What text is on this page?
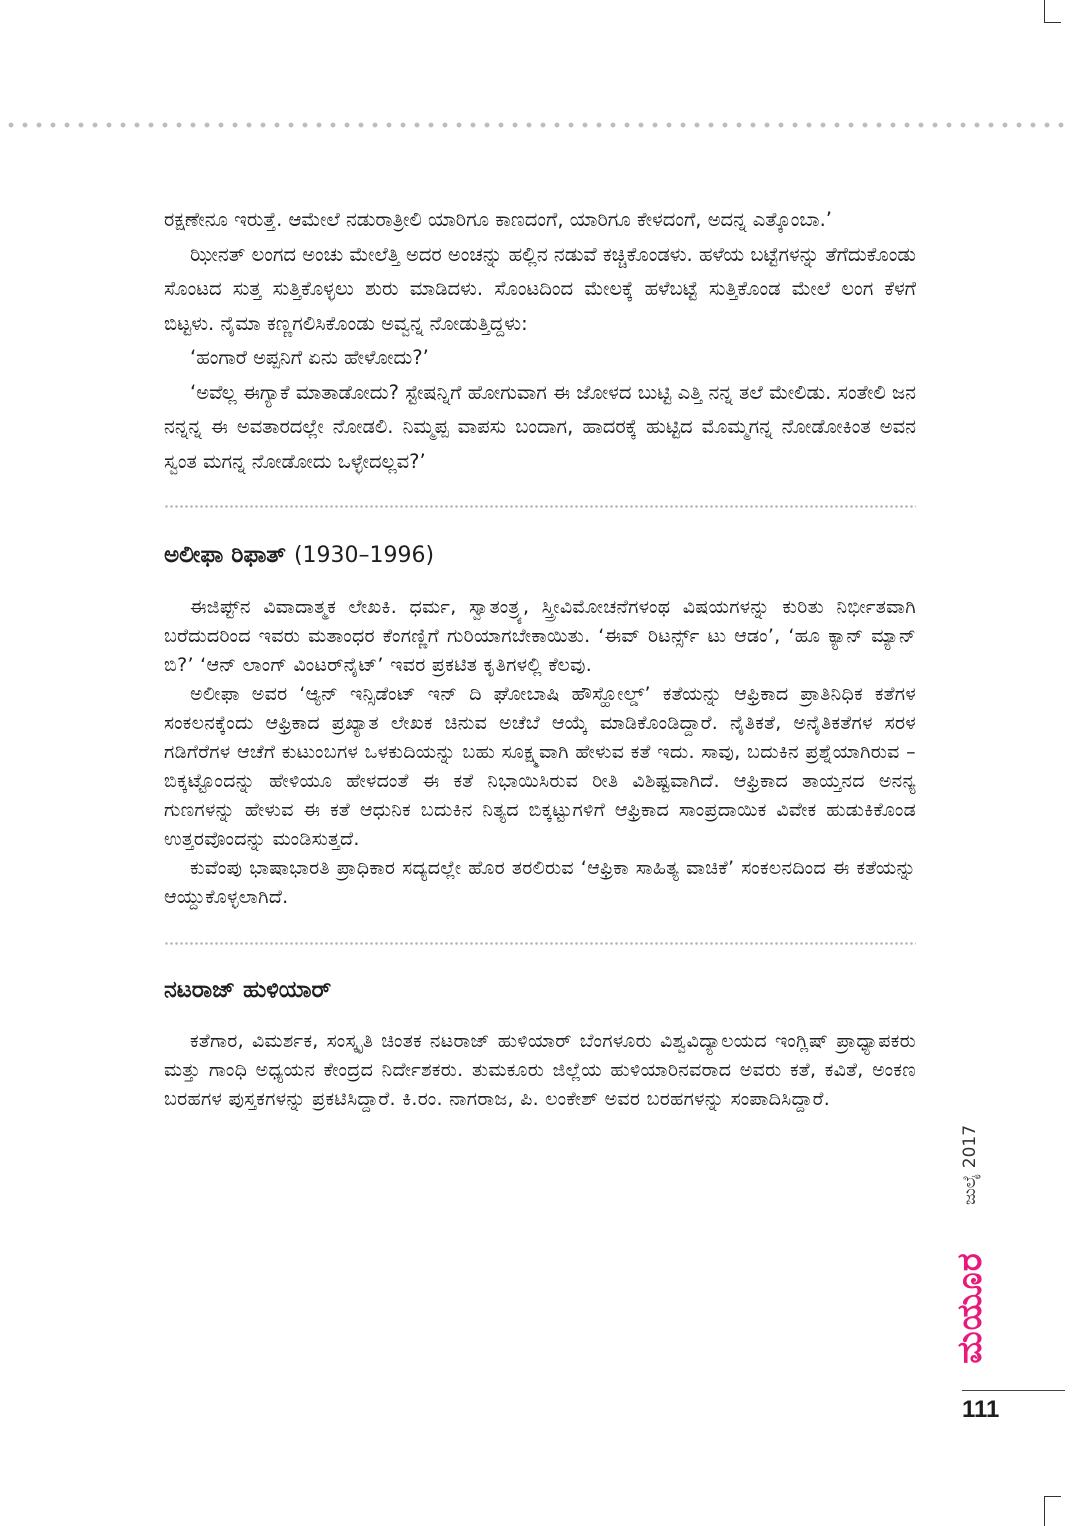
ರಕ್ಷಣೇನೂ ಇರುತ್ತೆ. ಆಮೇಲೆ ನಡುರಾತ್ರೀಲಿ ಯಾರಿಗೂ ಕಾಣದಂಗೆ, ಯಾರಿಗೂ ಕೇಳದಂಗೆ, ಅದನ್ನ ಎತ್ಕೊಂಬಾ.’

ಝೀನತ್ ಲಂಗದ ಅಂಚು ಮೇಲೆತ್ತಿ ಅದರ ಅಂಚನ್ನು ಹಲ್ಲಿನ ನಡುವೆ ಕಚ್ಚಿಕೊಂಡಳು. ಹಳೆಯ ಬಟ್ಟೆಗಳನ್ನು ತೆಗೆದುಕೊಂಡು ಸೊಂಟದ ಸುತ್ತ ಸುತ್ತಿಕೊಳ್ಳಲು ಶುರು ಮಾಡಿದಳು. ಸೊಂಟದಿಂದ ಮೇಲಕ್ಕೆ ಹಳೆಬಟ್ಟೆ ಸುತ್ತಿಕೊಂಡ ಮೇಲೆ ಲಂಗ ಕೆಳಗೆ ಬಿಟ್ಟಳು. ನೈಮಾ ಕಣ್ಣಗಲಿಸಿಕೊಂಡು ಅವ್ವನ್ನ ನೋಡುತ್ತಿದ್ದಳು:

‘ಹಂಗಾರೆ ಅಪ್ಪನಿಗೆ ಏನು ಹೇಳೋದು?’

‘ಅವೆಲ್ಲ ಈಗ್ಯಾಕೆ ಮಾತಾಡೋದು? ಸ್ಟೇಷನ್ನಿಗೆ ಹೋಗುವಾಗ ಈ ಜೋಳದ ಬುಟ್ಟಿ ಎತ್ತಿ ನನ್ನ ತಲೆ ಮೇಲಿಡು. ಸಂತೇಲಿ ಜನ ನನ್ನನ್ನ ಈ ಅವತಾರದಲ್ಲೇ ನೋಡಲಿ. ನಿಮ್ಮಪ್ಪ ವಾಪಸು ಬಂದಾಗ, ಹಾದರಕ್ಕೆ ಹುಟ್ಟಿದ ಮೊಮ್ಮಗನ್ನ ನೋಡೋಕಿಂತ ಅವನ ಸ್ವಂತ ಮಗನ್ನ ನೋಡೋದು ಒಳ್ಳೇದಲ್ಲವ?’

ಅಲೀಫಾ ರಿಫಾತ್ (1930–1996)

ಈಜಿಪ್ಟ್‌ನ ವಿವಾದಾತ್ಮಕ ಲೇಖಕಿ. ಧರ್ಮ, ಸ್ವಾತಂತ್ರ್ಯ, ಸ್ತ್ರೀವಿಮೋಚನೆಗಳಂಥ ವಿಷಯಗಳನ್ನು ಕುರಿತು ನಿರ್ಭೀತವಾಗಿ ಬರೆದುದರಿಂದ ಇವರು ಮತಾಂಧರ ಕೆಂಗಣ್ಣಿಗೆ ಗುರಿಯಾಗಬೇಕಾಯಿತು. ‘ಈವ್ ರಿಟರ್ನ್ಸ್ ಟು ಆಡಂ’, ‘ಹೂ ಕ್ಯಾನ್ ಮ್ಯಾನ್ ಬಿ?’ ‘ಆನ್ ಲಾಂಗ್ ವಿಂಟರ್‌ನೈಟ್’ ಇವರ ಪ್ರಕಟಿತ ಕೃತಿಗಳಲ್ಲಿ ಕೆಲವು.

ಅಲೀಫಾ ಅವರ ‘ಆ್ಯನ್ ಇನ್ಸಿಡೆಂಟ್ ಇನ್ ದಿ ಘೋಬಾಷಿ ಹೌಸ್ಹೋಲ್ಡ್’ ಕತೆಯನ್ನು ಆಫ್ರಿಕಾದ ಪ್ರಾತಿನಿಧಿಕ ಕತೆಗಳ ಸಂಕಲನಕ್ಕೆಂದು ಆಫ್ರಿಕಾದ ಪ್ರಖ್ಯಾತ ಲೇಖಕ ಚಿನುವ ಅಚೆಬೆ ಆಯ್ಕೆ ಮಾಡಿಕೊಂಡಿದ್ದಾರೆ. ನೈತಿಕತೆ, ಅನೈತಿಕತೆಗಳ ಸರಳ ಗಡಿಗೆರೆಗಳ ಆಚೆಗೆ ಕುಟುಂಬಗಳ ಒಳಕುದಿಯನ್ನು ಬಹು ಸೂಕ್ಷ್ಮವಾಗಿ ಹೇಳುವ ಕತೆ ಇದು. ಸಾವು, ಬದುಕಿನ ಪ್ರಶ್ನೆಯಾಗಿರುವ –ಬಿಕ್ಕಟ್ಟೊಂದನ್ನು ಹೇಳಿಯೂ ಹೇಳದಂತೆ ಈ ಕತೆ ನಿಭಾಯಿಸಿರುವ ರೀತಿ ವಿಶಿಷ್ಟವಾಗಿದೆ. ಆಫ್ರಿಕಾದ ತಾಯ್ತನದ ಅನನ್ಯ ಗುಣಗಳನ್ನು ಹೇಳುವ ಈ ಕತೆ ಆಧುನಿಕ ಬದುಕಿನ ನಿತ್ಯದ ಬಿಕ್ಕಟ್ಟುಗಳಿಗೆ ಆಫ್ರಿಕಾದ ಸಾಂಪ್ರದಾಯಿಕ ವಿವೇಕ ಹುಡುಕಿಕೊಂಡ ಉತ್ತರವೊಂದನ್ನು ಮಂಡಿಸುತ್ತದೆ.

ಕುವೆಂಪು ಭಾಷಾಭಾರತಿ ಪ್ರಾಧಿಕಾರ ಸದ್ಯದಲ್ಲೇ ಹೊರ ತರಲಿರುವ ‘ಆಫ್ರಿಕಾ ಸಾಹಿತ್ಯ ವಾಚಿಕೆ’ ಸಂಕಲನದಿಂದ ಈ ಕತೆಯನ್ನು ಆಯ್ದುಕೊಳ್ಳಲಾಗಿದೆ.

ನಟರಾಜ್ ಹುಳಿಯಾರ್

ಕತೆಗಾರ, ವಿಮರ್ಶಕ, ಸಂಸ್ಕೃತಿ ಚಿಂತಕ ನಟರಾಜ್ ಹುಳಿಯಾರ್ ಬೆಂಗಳೂರು ವಿಶ್ವವಿದ್ಯಾಲಯದ ಇಂಗ್ಲಿಷ್ ಪ್ರಾಧ್ಯಾಪಕರು ಮತ್ತು ಗಾಂಧಿ ಅಧ್ಯಯನ ಕೇಂದ್ರದ ನಿರ್ದೇಶಕರು. ತುಮಕೂರು ಜಿಲ್ಲೆಯ ಹುಳಿಯಾರಿನವರಾದ ಅವರು ಕತೆ, ಕವಿತೆ, ಅಂಕಣ ಬರಹಗಳ ಪುಸ್ತಕಗಳನ್ನು ಪ್ರಕಟಿಸಿದ್ದಾರೆ. ಕಿ.ರಂ. ನಾಗರಾಜ, ಪಿ. ಲಂಕೇಶ್ ಅವರ ಬರಹಗಳನ್ನು ಸಂಪಾದಿಸಿದ್ದಾರೆ.

ಜುಲೈ 2017
ಮಯೂರ
111
